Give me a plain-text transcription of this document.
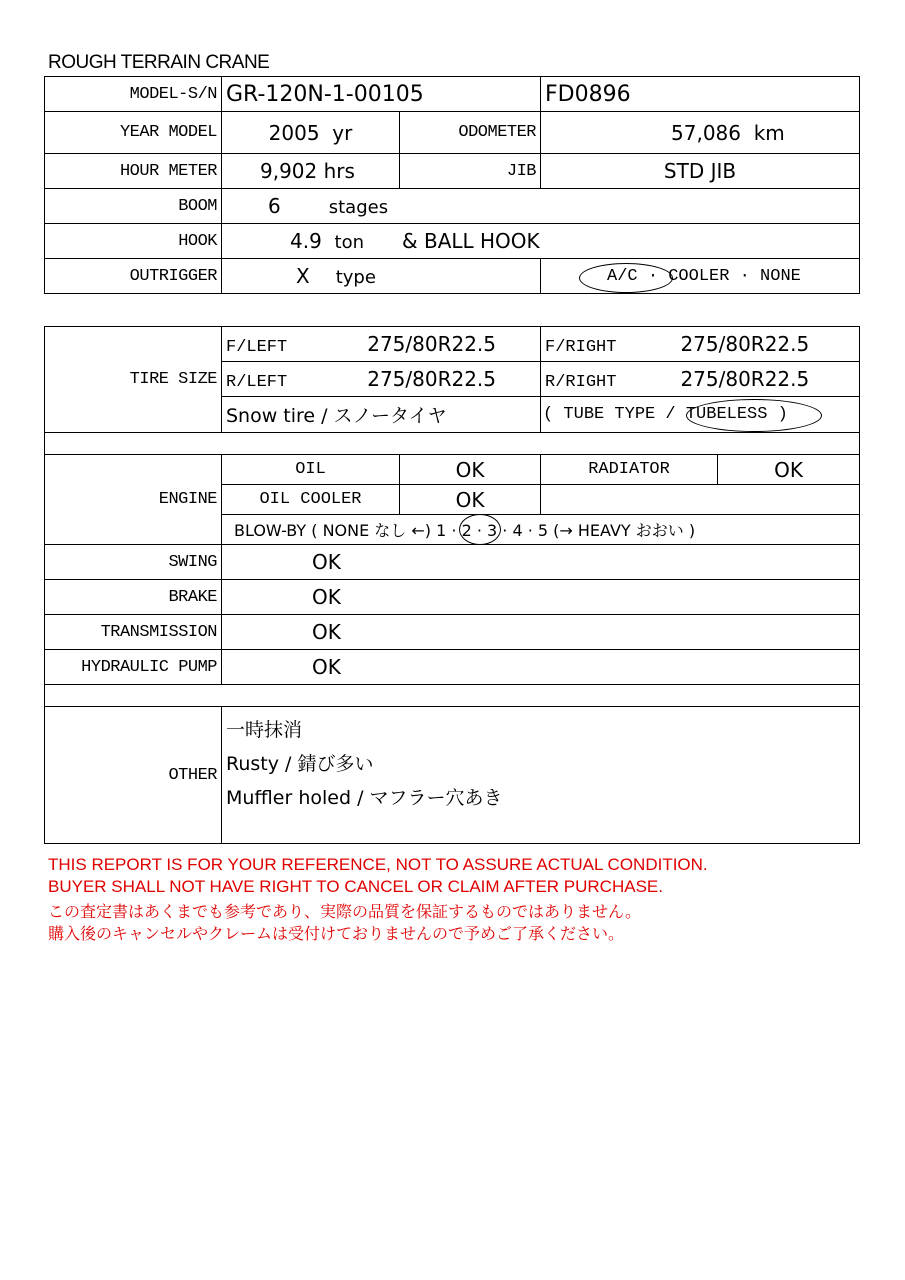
ROUGH TERRAIN CRANE
MODEL-S/N	GR-120N-1-00105		FD0896
YEAR MODEL	2005 yr	ODOMETER	57,086 km
HOUR METER	9,902 hrs	JIB	STD JIB
BOOM	6 stages		
HOOK	4.9 ton & BALL HOOK		
OUTRIGGER	X type		A/C · COOLER · NONE
TIRE SIZE	F/LEFT 275/80R22.5		F/RIGHT 275/80R22.5	
	R/LEFT 275/80R22.5		R/RIGHT 275/80R22.5	
	Snow tire / スノータイヤ		( TUBE TYPE / TUBELESS )	

ENGINE	OIL	OK	RADIATOR	OK
	OIL COOLER	OK		
	BLOW-BY ( NONE なし ←) 1 · 2 · 3 · 4 · 5 (→ HEAVY おおい )			
SWING	OK			
BRAKE	OK			
TRANSMISSION	OK			
HYDRAULIC PUMP	OK			

OTHER	一時抹消
Rusty / 錆び多い
Muffler holed / マフラー穴あき			
THIS REPORT IS FOR YOUR REFERENCE, NOT TO ASSURE ACTUAL CONDITION.
BUYER SHALL NOT HAVE RIGHT TO CANCEL OR CLAIM AFTER PURCHASE.
この査定書はあくまでも参考であり、実際の品質を保証するものではありません。
購入後のキャンセルやクレームは受付けておりませんので予めご了承ください。
